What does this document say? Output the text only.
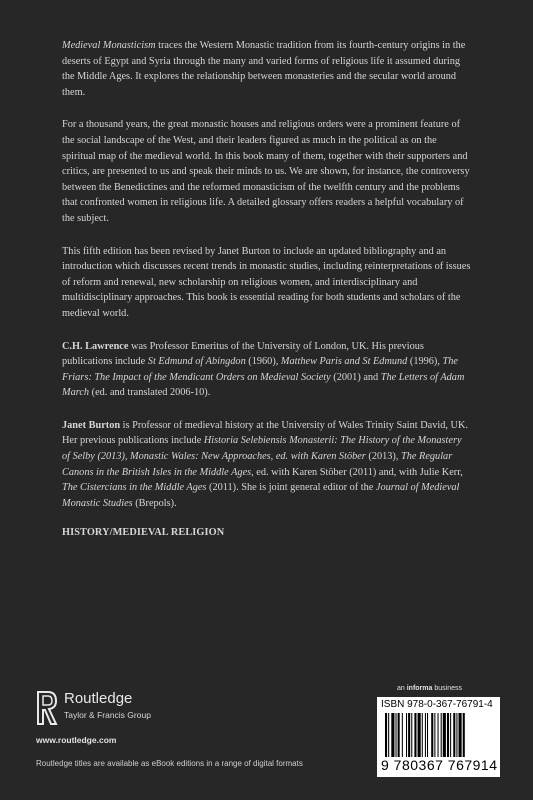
Medieval Monasticism traces the Western Monastic tradition from its fourth-century origins in the deserts of Egypt and Syria through the many and varied forms of religious life it assumed during the Middle Ages. It explores the relationship between monasteries and the secular world around them.

For a thousand years, the great monastic houses and religious orders were a prominent feature of the social landscape of the West, and their leaders figured as much in the political as on the spiritual map of the medieval world. In this book many of them, together with their supporters and critics, are presented to us and speak their minds to us. We are shown, for instance, the controversy between the Benedictines and the reformed monasticism of the twelfth century and the problems that confronted women in religious life. A detailed glossary offers readers a helpful vocabulary of the subject.

This fifth edition has been revised by Janet Burton to include an updated bibliography and an introduction which discusses recent trends in monastic studies, including reinterpretations of issues of reform and renewal, new scholarship on religious women, and interdisciplinary and multidisciplinary approaches. This book is essential reading for both students and scholars of the medieval world.

C.H. Lawrence was Professor Emeritus of the University of London, UK. His previous publications include St Edmund of Abingdon (1960), Matthew Paris and St Edmund (1996), The Friars: The Impact of the Mendicant Orders on Medieval Society (2001) and The Letters of Adam March (ed. and translated 2006-10).

Janet Burton is Professor of medieval history at the University of Wales Trinity Saint David, UK. Her previous publications include Historia Selebiensis Monasterii: The History of the Monastery of Selby (2013), Monastic Wales: New Approaches, ed. with Karen Stöber (2013), The Regular Canons in the British Isles in the Middle Ages, ed. with Karen Stöber (2011) and, with Julie Kerr, The Cistercians in the Middle Ages (2011). She is joint general editor of the Journal of Medieval Monastic Studies (Brepols).

HISTORY/MEDIEVAL RELIGION

Routledge
Taylor & Francis Group
www.routledge.com
Routledge titles are available as eBook editions in a range of digital formats
an informa business
ISBN 978-0-367-76791-4
9 780367 767914
